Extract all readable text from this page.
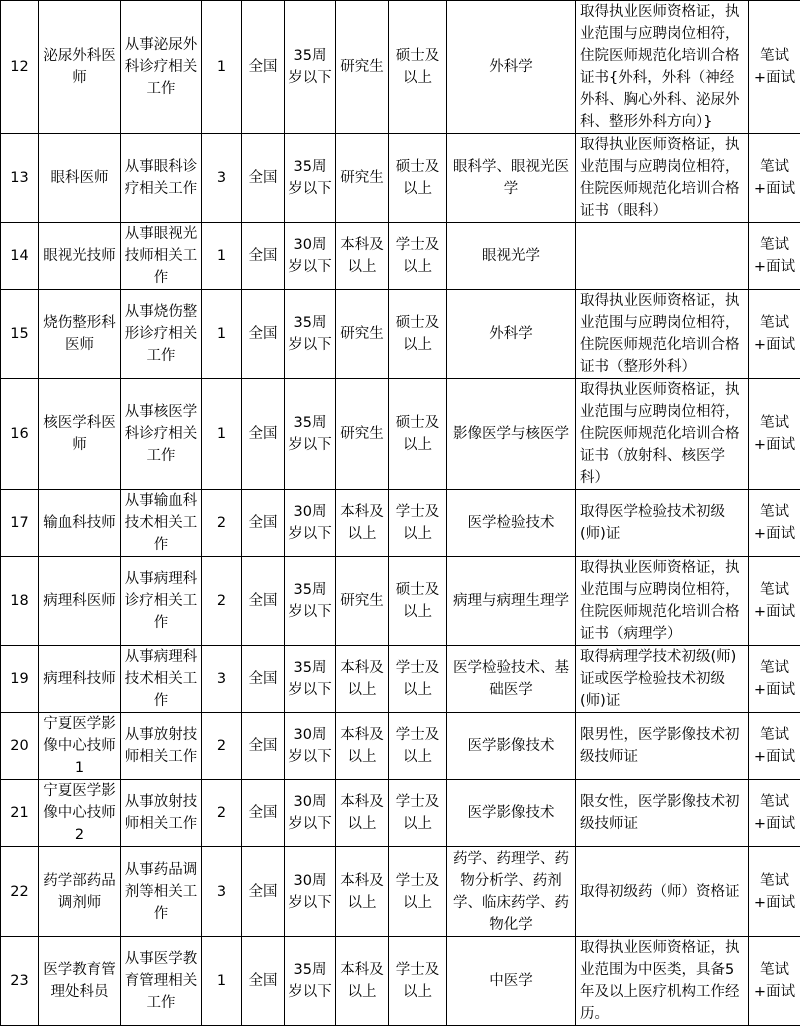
12	泌尿外科医师	从事泌尿外科诊疗相关工作	1	全国	35周岁以下	研究生	硕士及以上	外科学	取得执业医师资格证，执业范围与应聘岗位相符，住院医师规范化培训合格证书{外科，外科（神经外科、胸心外科、泌尿外科、整形外科方向）}	笔试+面试
13	眼科医师	从事眼科诊疗相关工作	3	全国	35周岁以下	研究生	硕士及以上	眼科学、眼视光医学	取得执业医师资格证，执业范围与应聘岗位相符，住院医师规范化培训合格证书（眼科）	笔试+面试
14	眼视光技师	从事眼视光技师相关工作	1	全国	30周岁以下	本科及以上	学士及以上	眼视光学		笔试+面试
15	烧伤整形科医师	从事烧伤整形诊疗相关工作	1	全国	35周岁以下	研究生	硕士及以上	外科学	取得执业医师资格证，执业范围与应聘岗位相符，住院医师规范化培训合格证书（整形外科）	笔试+面试
16	核医学科医师	从事核医学科诊疗相关工作	1	全国	35周岁以下	研究生	硕士及以上	影像医学与核医学	取得执业医师资格证，执业范围与应聘岗位相符，住院医师规范化培训合格证书（放射科、核医学科）	笔试+面试
17	输血科技师	从事输血科技术相关工作	2	全国	30周岁以下	本科及以上	学士及以上	医学检验技术	取得医学检验技术初级(师)证	笔试+面试
18	病理科医师	从事病理科诊疗相关工作	2	全国	35周岁以下	研究生	硕士及以上	病理与病理生理学	取得执业医师资格证，执业范围与应聘岗位相符，住院医师规范化培训合格证书（病理学）	笔试+面试
19	病理科技师	从事病理科技术相关工作	3	全国	35周岁以下	本科及以上	学士及以上	医学检验技术、基础医学	取得病理学技术初级(师)证或医学检验技术初级(师)证	笔试+面试
20	宁夏医学影像中心技师1	从事放射技师相关工作	2	全国	30周岁以下	本科及以上	学士及以上	医学影像技术	限男性，医学影像技术初级技师证	笔试+面试
21	宁夏医学影像中心技师2	从事放射技师相关工作	2	全国	30周岁以下	本科及以上	学士及以上	医学影像技术	限女性，医学影像技术初级技师证	笔试+面试
22	药学部药品调剂师	从事药品调剂等相关工作	3	全国	30周岁以下	本科及以上	学士及以上	药学、药理学、药物分析学、药剂学、临床药学、药物化学	取得初级药（师）资格证	笔试+面试
23	医学教育管理处科员	从事医学教育管理相关工作	1	全国	35周岁以下	本科及以上	学士及以上	中医学	取得执业医师资格证，执业范围为中医类，具备5年及以上医疗机构工作经历。	笔试+面试
